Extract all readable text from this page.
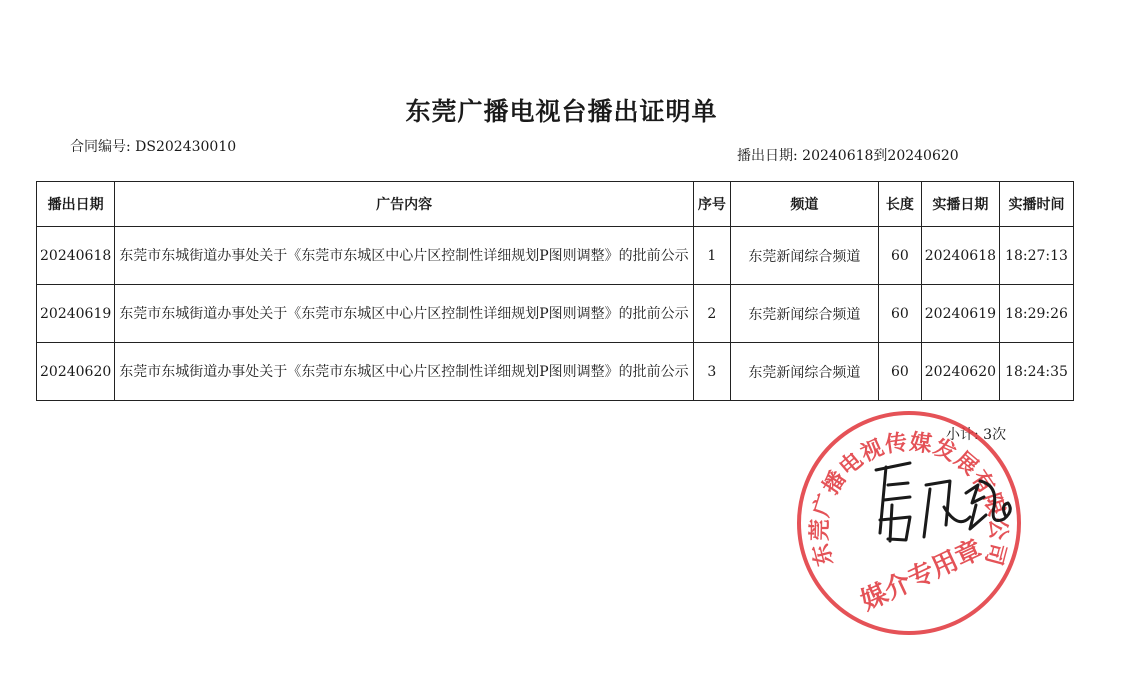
东莞广播电视台播出证明单
合同编号: DS202430010
播出日期: 20240618到20240620
播出日期	广告内容	序号	频道	长度	实播日期	实播时间
20240618	东莞市东城街道办事处关于《东莞市东城区中心片区控制性详细规划P图则调整》的批前公示	1	东莞新闻综合频道	60	20240618	18:27:13
20240619	东莞市东城街道办事处关于《东莞市东城区中心片区控制性详细规划P图则调整》的批前公示	2	东莞新闻综合频道	60	20240619	18:29:26
20240620	东莞市东城街道办事处关于《东莞市东城区中心片区控制性详细规划P图则调整》的批前公示	3	东莞新闻综合频道	60	20240620	18:24:35
小计: 3次
东莞广播电视传媒发展有限公司
媒介专用章
